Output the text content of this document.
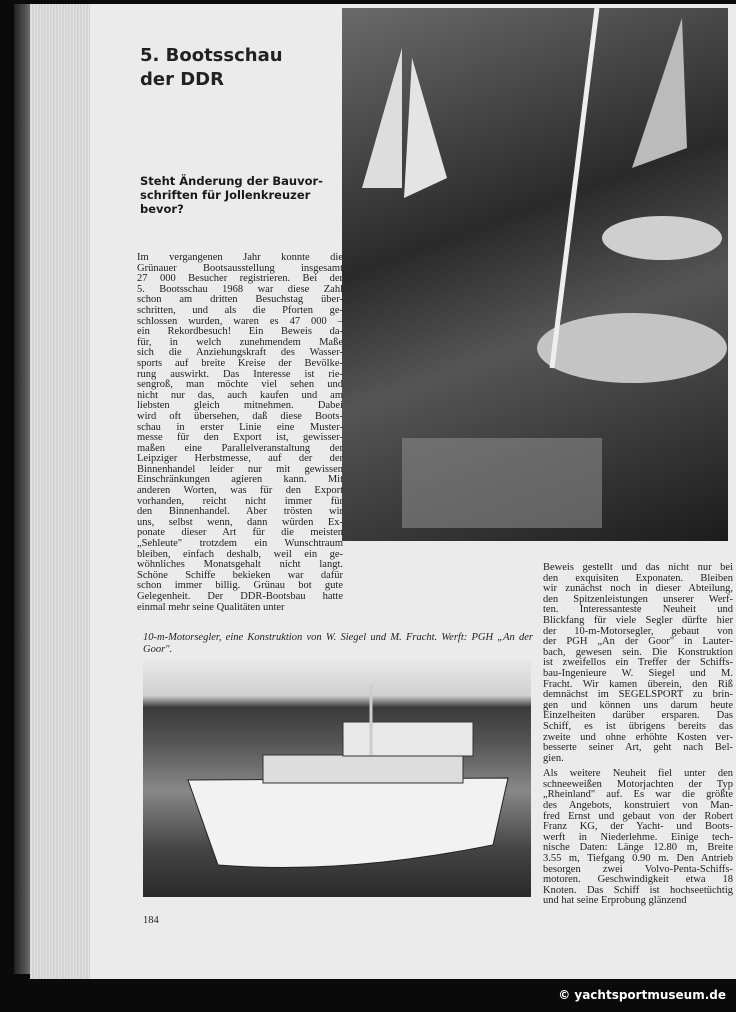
5. Bootsschau
der DDR
Steht Änderung der Bauvor-
schriften für Jollenkreuzer
bevor?
Im vergangenen Jahr konnte die
Grünauer Bootsausstellung insgesamt
27 000 Besucher registrieren. Bei der
5. Bootsschau 1968 war diese Zahl
schon am dritten Besuchstag über-
schritten, und als die Pforten ge-
schlossen wurden, waren es 47 000 –
ein Rekordbesuch! Ein Beweis da-
für, in welch zunehmendem Maße
sich die Anziehungskraft des Wasser-
sports auf breite Kreise der Bevölke-
rung auswirkt. Das Interesse ist rie-
sengroß, man möchte viel sehen und
nicht nur das, auch kaufen und am
liebsten gleich mitnehmen. Dabei
wird oft übersehen, daß diese Boots-
schau in erster Linie eine Muster-
messe für den Export ist, gewisser-
maßen eine Parallelveranstaltung der
Leipziger Herbstmesse, auf der der
Binnenhandel leider nur mit gewissen
Einschränkungen agieren kann. Mit
anderen Worten, was für den Export
vorhanden, reicht nicht immer für
den Binnenhandel. Aber trösten wir
uns, selbst wenn, dann würden Ex-
ponate dieser Art für die meisten
„Sehleute" trotzdem ein Wunschtraum
bleiben, einfach deshalb, weil ein ge-
wöhnliches Monatsgehalt nicht langt.
Schöne Schiffe bekieken war dafür
schon immer billig. Grünau bot gute
Gelegenheit. Der DDR-Bootsbau hatte
einmal mehr seine Qualitäten unter
Beweis gestellt und das nicht nur bei
den exquisiten Exponaten. Bleiben
wir zunächst noch in dieser Abteilung,
den Spitzenleistungen unserer Werf-
ten. Interessanteste Neuheit und
Blickfang für viele Segler dürfte hier
der 10-m-Motorsegler, gebaut von
der PGH „An der Goor" in Lauter-
bach, gewesen sein. Die Konstruktion
ist zweifellos ein Treffer der Schiffs-
bau-Ingenieure W. Siegel und M.
Fracht. Wir kamen überein, den Riß
demnächst im SEGELSPORT zu brin-
gen und können uns darum heute
Einzelheiten darüber ersparen. Das
Schiff, es ist übrigens bereits das
zweite und ohne erhöhte Kosten ver-
besserte seiner Art, geht nach Bel-
gien.
Als weitere Neuheit fiel unter den
schneeweißen Motorjachten der Typ
„Rheinland" auf. Es war die größte
des Angebots, konstruiert von Man-
fred Ernst und gebaut von der Robert
Franz KG, der Yacht- und Boots-
werft in Niederlehme. Einige tech-
nische Daten: Länge 12.80 m, Breite
3.55 m, Tiefgang 0.90 m. Den Antrieb
besorgen zwei Volvo-Penta-Schiffs-
motoren. Geschwindigkeit etwa 18
Knoten. Das Schiff ist hochseetüchtig
und hat seine Erprobung glänzend
10-m-Motorsegler, eine Konstruktion von W. Siegel und M. Fracht. Werft: PGH „An der Goor".
184
© yachtsportmuseum.de
